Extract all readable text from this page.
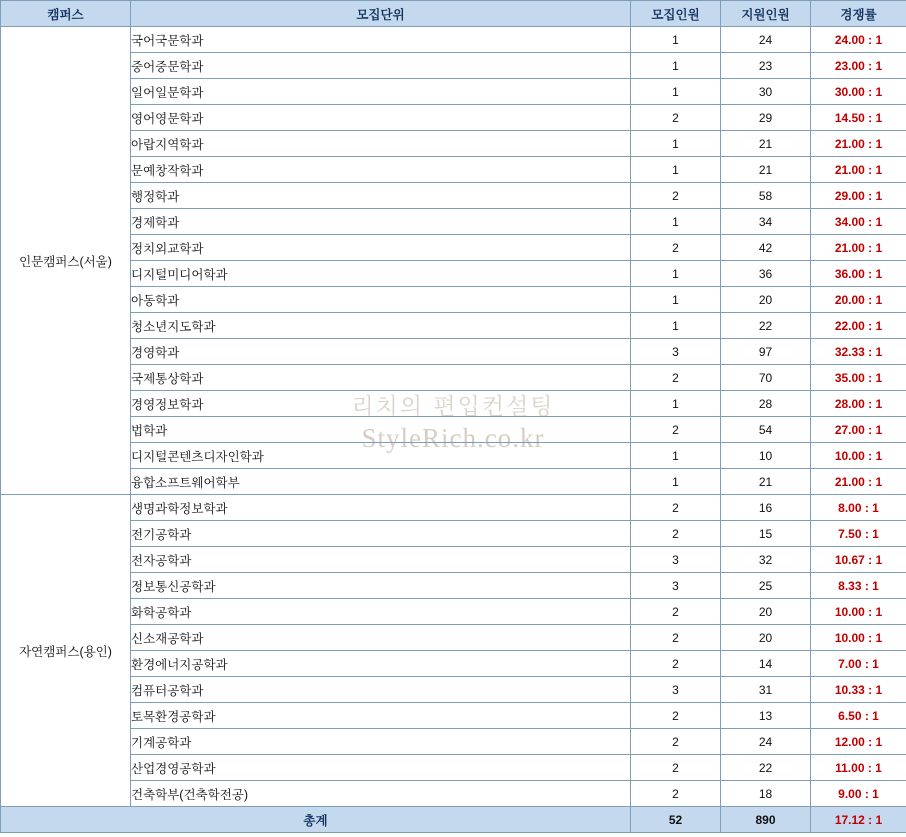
리치의 편입컨설팅
StyleRich.co.kr
캠퍼스	모집단위	모집인원	지원인원	경쟁률
인문캠퍼스(서울)	국어국문학과	1	24	24.00 : 1
	중어중문학과	1	23	23.00 : 1
	일어일문학과	1	30	30.00 : 1
	영어영문학과	2	29	14.50 : 1
	아랍지역학과	1	21	21.00 : 1
	문예창작학과	1	21	21.00 : 1
	행정학과	2	58	29.00 : 1
	경제학과	1	34	34.00 : 1
	정치외교학과	2	42	21.00 : 1
	디지털미디어학과	1	36	36.00 : 1
	아동학과	1	20	20.00 : 1
	청소년지도학과	1	22	22.00 : 1
	경영학과	3	97	32.33 : 1
	국제통상학과	2	70	35.00 : 1
	경영정보학과	1	28	28.00 : 1
	법학과	2	54	27.00 : 1
	디지털콘텐츠디자인학과	1	10	10.00 : 1
	융합소프트웨어학부	1	21	21.00 : 1
자연캠퍼스(용인)	생명과학정보학과	2	16	8.00 : 1
	전기공학과	2	15	7.50 : 1
	전자공학과	3	32	10.67 : 1
	정보통신공학과	3	25	8.33 : 1
	화학공학과	2	20	10.00 : 1
	신소재공학과	2	20	10.00 : 1
	환경에너지공학과	2	14	7.00 : 1
	컴퓨터공학과	3	31	10.33 : 1
	토목환경공학과	2	13	6.50 : 1
	기계공학과	2	24	12.00 : 1
	산업경영공학과	2	22	11.00 : 1
	건축학부(건축학전공)	2	18	9.00 : 1
총계		52	890	17.12 : 1
